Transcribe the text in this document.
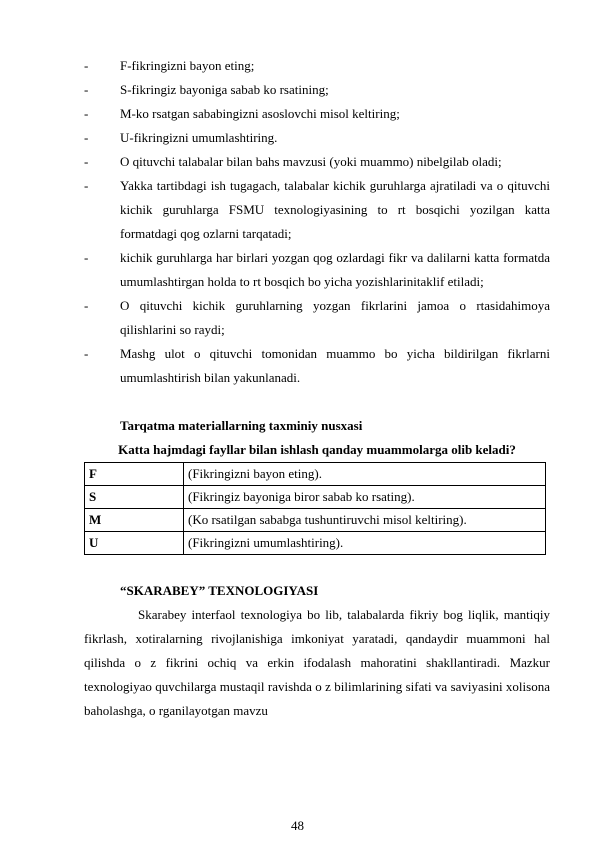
- F-fikringizni bayon eting;
- S-fikringiz bayoniga sabab ko rsatining;
- M-ko rsatgan sababingizni asoslovchi misol keltiring;
- U-fikringizni umumlashtiring.
- O qituvchi talabalar bilan bahs mavzusi (yoki muammo) nibelgilab oladi;
- Yakka tartibdagi ish tugagach, talabalar kichik guruhlarga ajratiladi va o qituvchi kichik guruhlarga FSMU texnologiyasining to rt bosqichi yozilgan katta formatdagi qog ozlarni tarqatadi;
- kichik guruhlarga har birlari yozgan qog ozlardagi fikr va dalilarni katta formatda umumlashtirgan holda to rt bosqich bo yicha yozishlarinitaklif etiladi;
- O qituvchi kichik guruhlarning yozgan fikrlarini jamoa o rtasidahimoya qilishlarini so raydi;
- Mashg ulot o qituvchi tomonidan muammo bo yicha bildirilgan fikrlarni umumlashtirish bilan yakunlanadi.
Tarqatma materiallarning taxminiy nusxasi
Katta hajmdagi fayllar bilan ishlash qanday muammolarga olib keladi?
F	(Fikringizni bayon eting).
S	(Fikringiz bayoniga biror sabab ko rsating).
M	(Ko rsatilgan sababga tushuntiruvchi misol keltiring).
U	(Fikringizni umumlashtiring).
“SKARABEY” TEXNOLOGIYASI
Skarabey interfaol texnologiya bo lib, talabalarda fikriy bog liqlik, mantiqiy fikrlash, xotiralarning rivojlanishiga imkoniyat yaratadi, qandaydir muammoni hal qilishda o z fikrini ochiq va erkin ifodalash mahoratini shakllantiradi. Mazkur texnologiyao quvchilarga mustaqil ravishda o z bilimlarining sifati va saviyasini xolisona baholashga, o rganilayotgan mavzu
48
